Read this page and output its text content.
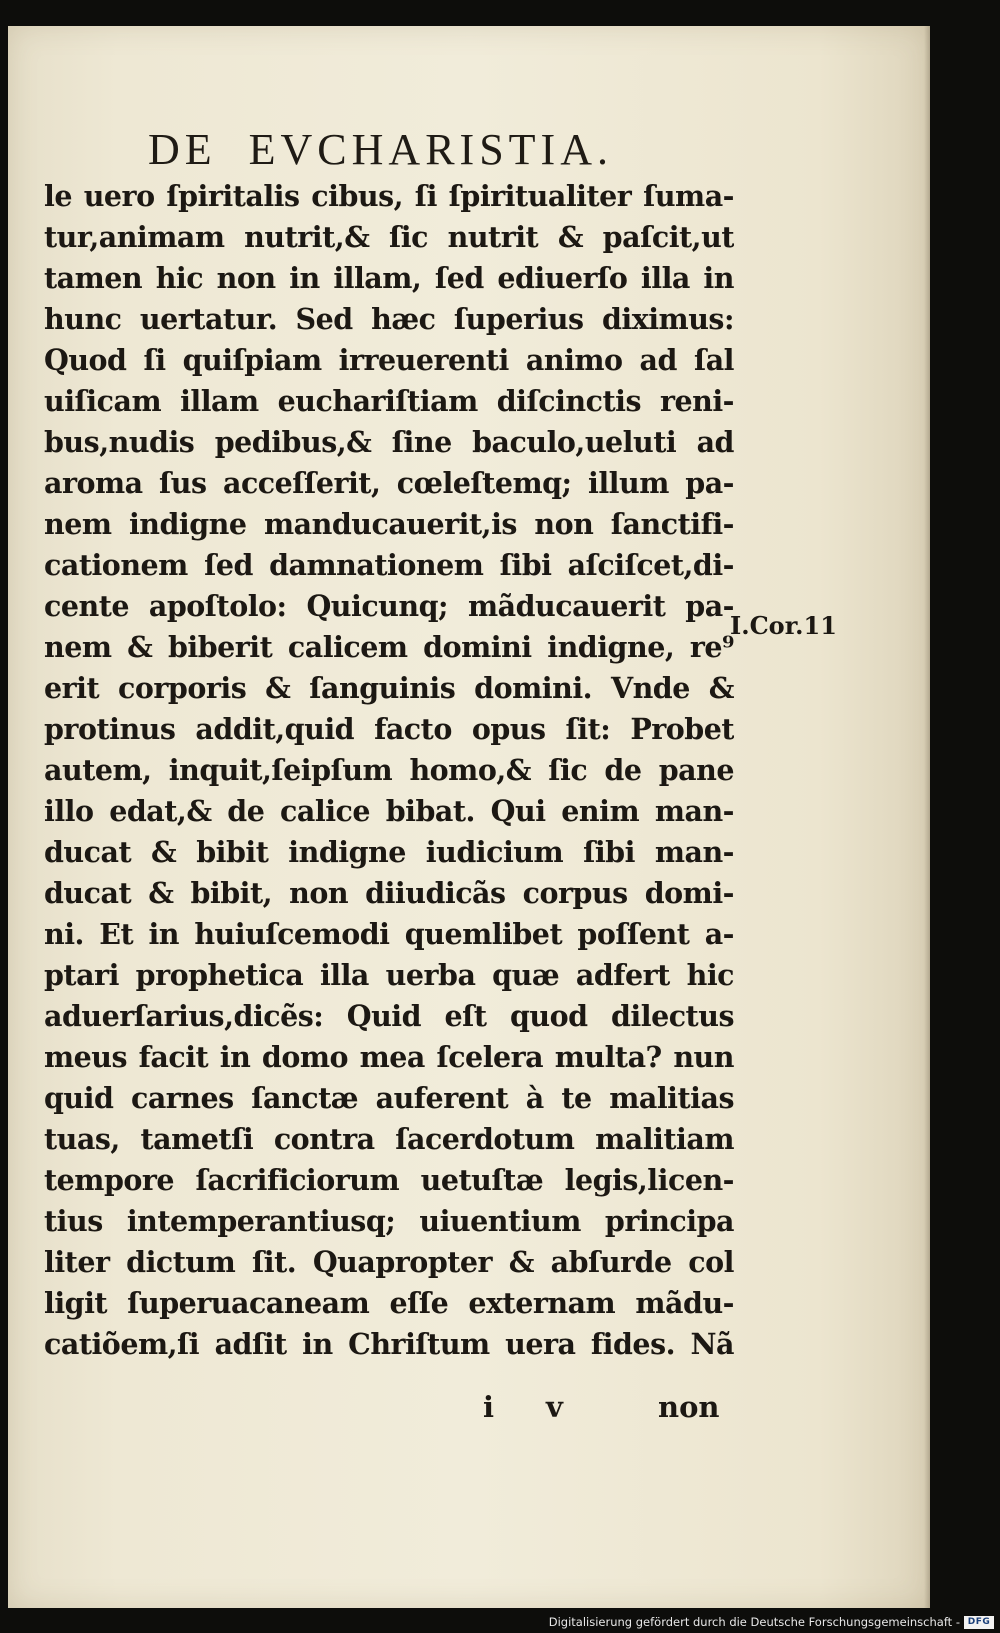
DE  EVCHARISTIA.
le uero ſpiritalis cibus, ſi ſpiritualiter ſuma-
tur,animam nutrit,& ſic nutrit & paſcit,ut
tamen hic non in illam, ſed ediuerſo illa in
hunc uertatur. Sed hæc ſuperius diximus:
Quod ſi quiſpiam irreuerenti animo ad ſal
uiſicam illam euchariſtiam diſcinctis reni-
bus,nudis pedibus,& ſine baculo,ueluti ad
aroma ſus acceſſerit, cœleſtemq; illum pa-
nem indigne manducauerit,is non ſanctifi-
cationem ſed damnationem ſibi aſciſcet,di-
cente apoſtolo: Quicunq; mãducauerit pa-
nem & biberit calicem domini indigne, re⁹
erit corporis & ſanguinis domini. Vnde &
protinus addit,quid facto opus ſit: Probet
autem, inquit,ſeipſum homo,& ſic de pane
illo edat,& de calice bibat. Qui enim man-
ducat & bibit indigne iudicium ſibi man-
ducat & bibit, non diiudicãs corpus domi-
ni. Et in huiuſcemodi quemlibet poſſent a-
ptari prophetica illa uerba quæ adfert hic
aduerſarius,dicẽs: Quid eſt quod dilectus
meus facit in domo mea ſcelera multa? nun
quid carnes ſanctæ auferent à te malitias
tuas, tametſi contra ſacerdotum malitiam
tempore ſacrificiorum uetuſtæ legis,licen-
tius intemperantiusq; uiuentium principa
liter dictum ſit. Quapropter & abſurde col
ligit ſuperuacaneam eſſe externam mãdu-
catiõem,ſi adſit in Chriſtum uera fides. Nã
I.Cor.11
i v	non
Digitalisierung gefördert durch die Deutsche Forschungsgemeinschaft - DFG
